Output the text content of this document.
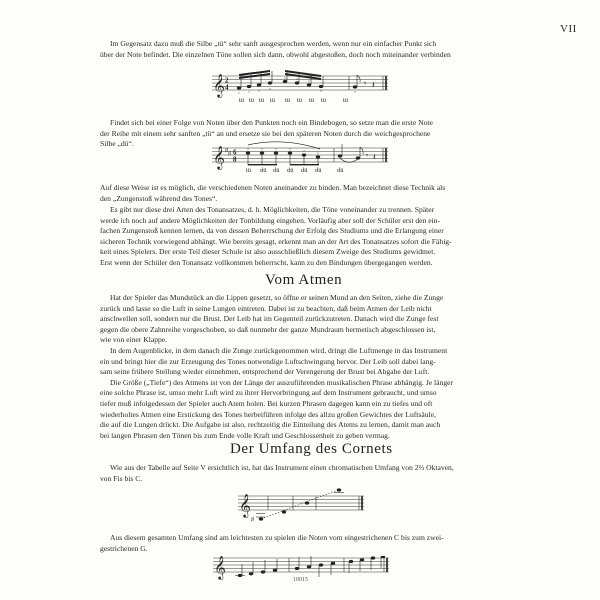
VII
Im Gegensatz dazu muß die Silbe „tü“ sehr sanft ausgesprochen werden, wenn nur ein einfacher Punkt sich
über der Note befindet. Die einzelnen Töne sollen sich dann, obwohl abgestoßen, doch noch miteinander verbinden
𝄞 2
4	𝄾 𝄽
tü tü tü tü tü tü tü tü	tü
Findet sich bei einer Folge von Noten über den Punkten noch ein Bindebogen, so setze man die erste Note
der Reihe mit einem sehr sanften „tü“ an und ersetze sie bei den späteren Noten durch die weichgesprochene
Silbe „dü“.
𝄞 ♯ ♯ 6
8	𝄾 𝄽
tü dü dü dü dü dü dü
Auf diese Weise ist es möglich, die verschiedenen Noten aneinander zu binden. Man bezeichnet diese Technik als
den „Zungenstoß während des Tones“.
Es gibt nur diese drei Arten des Tonansatzes, d. h. Möglichkeiten, die Töne voneinander zu trennen. Später
werde ich noch auf andere Möglichkeiten der Tonbildung eingehen. Vorläufig aber soll der Schüler erst den ein-
fachen Zungenstoß kennen lernen, da von dessen Beherrschung der Erfolg des Studiums und die Erlangung einer
sicheren Technik vorwiegend abhängt. Wie bereits gesagt, erkennt man an der Art des Tonansatzes sofort die Fähig-
keit eines Spielers. Der erste Teil dieser Schule ist also ausschließlich diesem Zweige des Studiums gewidmet.
Erst wenn der Schüler den Tonansatz vollkommen beherrscht, kann zu den Bindungen übergegangen werden.
Vom Atmen
Hat der Spieler das Mundstück an die Lippen gesetzt, so öffne er seinen Mund an den Seiten, ziehe die Zunge
zurück und lasse so die Luft in seine Lungen eintreten. Dabei ist zu beachten, daß beim Atmen der Leib nicht
anschwellen soll, sondern nur die Brust. Der Leib hat im Gegenteil zurückzutreten. Danach wird die Zunge fest
gegen die obere Zahnreihe vorgeschoben, so daß nunmehr der ganze Mundraum hermetisch abgeschlossen ist,
wie von einer Klappe.
In dem Augenblicke, in dem danach die Zunge zurückgenommen wird, dringt die Luftmenge in das Instrument
ein und bringt hier die zur Erzeugung des Tones notwendige Luftschwingung hervor. Der Leib soll dabei lang-
sam seine frühere Stellung wieder einnehmen, entsprechend der Verengerung der Brust bei Abgabe der Luft.
Die Größe („Tiefe“) des Atmens ist von der Länge der auszuführenden musikalischen Phrase abhängig. Je länger
eine solche Phrase ist, umso mehr Luft wird zu ihrer Hervorbringung auf dem Instrument gebraucht, und umso
tiefer muß infolgedessen der Spieler auch Atem holen. Bei kurzen Phrasen dagegen kann ein zu tiefes und oft
wiederholtes Atmen eine Erstickung des Tones herbeiführen infolge des allzu großen Gewichtes der Luftsäule,
die auf die Lungen drückt. Die Aufgabe ist also, rechtzeitig die Einteilung des Atems zu lernen, damit man auch
bei langen Phrasen den Tönen bis zum Ende volle Kraft und Geschlossenheit zu geben vermag.
Der Umfang des Cornets
Wie aus der Tabelle auf Seite V ersichtlich ist, hat das Instrument einen chromatischen Umfang von 2⅔ Oktaven,
von Fis bis C.
𝄞
♯
Aus diesem gesamten Umfang sind am leichtesten zu spielen die Noten vom eingestrichenen C bis zum zwei-
gestrichenen G.
𝄞
10015
